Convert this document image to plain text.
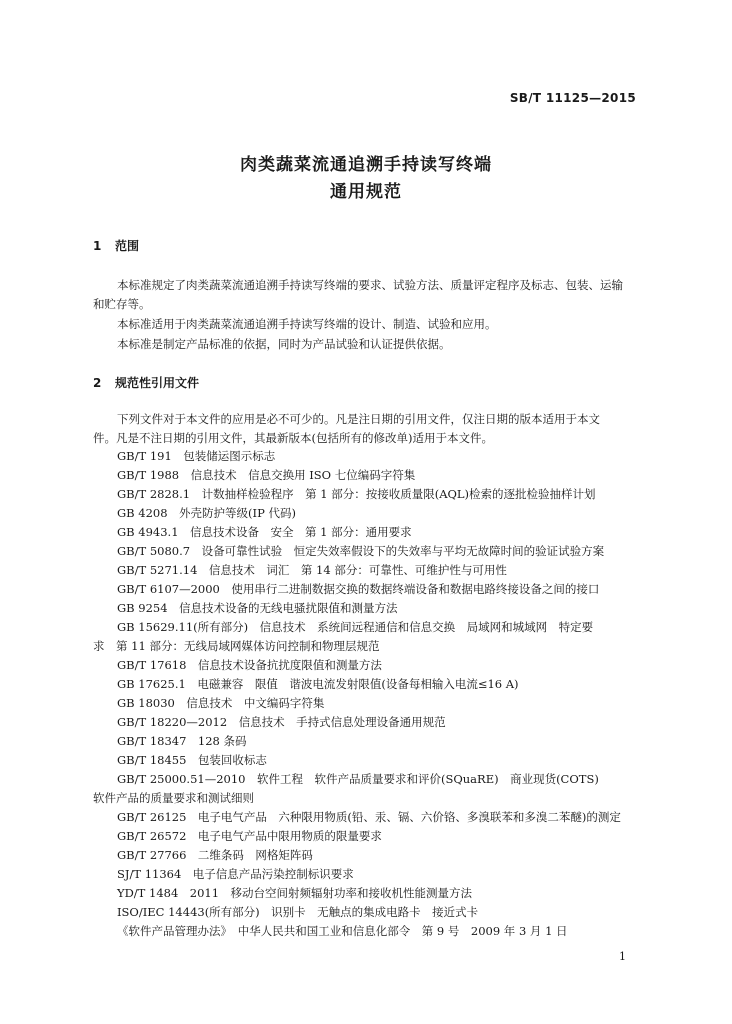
SB/T 11125—2015
肉类蔬菜流通追溯手持读写终端
通用规范
1 范围
本标准规定了肉类蔬菜流通追溯手持读写终端的要求、试验方法、质量评定程序及标志、包装、运输
和贮存等。
本标准适用于肉类蔬菜流通追溯手持读写终端的设计、制造、试验和应用。
本标准是制定产品标准的依据，同时为产品试验和认证提供依据。
2 规范性引用文件
下列文件对于本文件的应用是必不可少的。凡是注日期的引用文件，仅注日期的版本适用于本文
件。凡是不注日期的引用文件，其最新版本(包括所有的修改单)适用于本文件。
GB/T 191　包装储运图示标志
GB/T 1988　信息技术　信息交换用 ISO 七位编码字符集
GB/T 2828.1　计数抽样检验程序　第 1 部分：按接收质量限(AQL)检索的逐批检验抽样计划
GB 4208　外壳防护等级(IP 代码)
GB 4943.1　信息技术设备　安全　第 1 部分：通用要求
GB/T 5080.7　设备可靠性试验　恒定失效率假设下的失效率与平均无故障时间的验证试验方案
GB/T 5271.14　信息技术　词汇　第 14 部分：可靠性、可维护性与可用性
GB/T 6107—2000　使用串行二进制数据交换的数据终端设备和数据电路终接设备之间的接口
GB 9254　信息技术设备的无线电骚扰限值和测量方法
GB 15629.11(所有部分)　信息技术　系统间远程通信和信息交换　局域网和城域网　特定要
求　第 11 部分：无线局域网媒体访问控制和物理层规范
GB/T 17618　信息技术设备抗扰度限值和测量方法
GB 17625.1　电磁兼容　限值　谐波电流发射限值(设备每相输入电流≤16 A)
GB 18030　信息技术　中文编码字符集
GB/T 18220—2012　信息技术　手持式信息处理设备通用规范
GB/T 18347　128 条码
GB/T 18455　包装回收标志
GB/T 25000.51—2010　软件工程　软件产品质量要求和评价(SQuaRE)　商业现货(COTS)
软件产品的质量要求和测试细则
GB/T 26125　电子电气产品　六种限用物质(铅、汞、镉、六价铬、多溴联苯和多溴二苯醚)的测定
GB/T 26572　电子电气产品中限用物质的限量要求
GB/T 27766　二维条码　网格矩阵码
SJ/T 11364　电子信息产品污染控制标识要求
YD/T 1484　2011　移动台空间射频辐射功率和接收机性能测量方法
ISO/IEC 14443(所有部分)　识别卡　无触点的集成电路卡　接近式卡
《软件产品管理办法》　中华人民共和国工业和信息化部令　第 9 号　2009 年 3 月 1 日
1
